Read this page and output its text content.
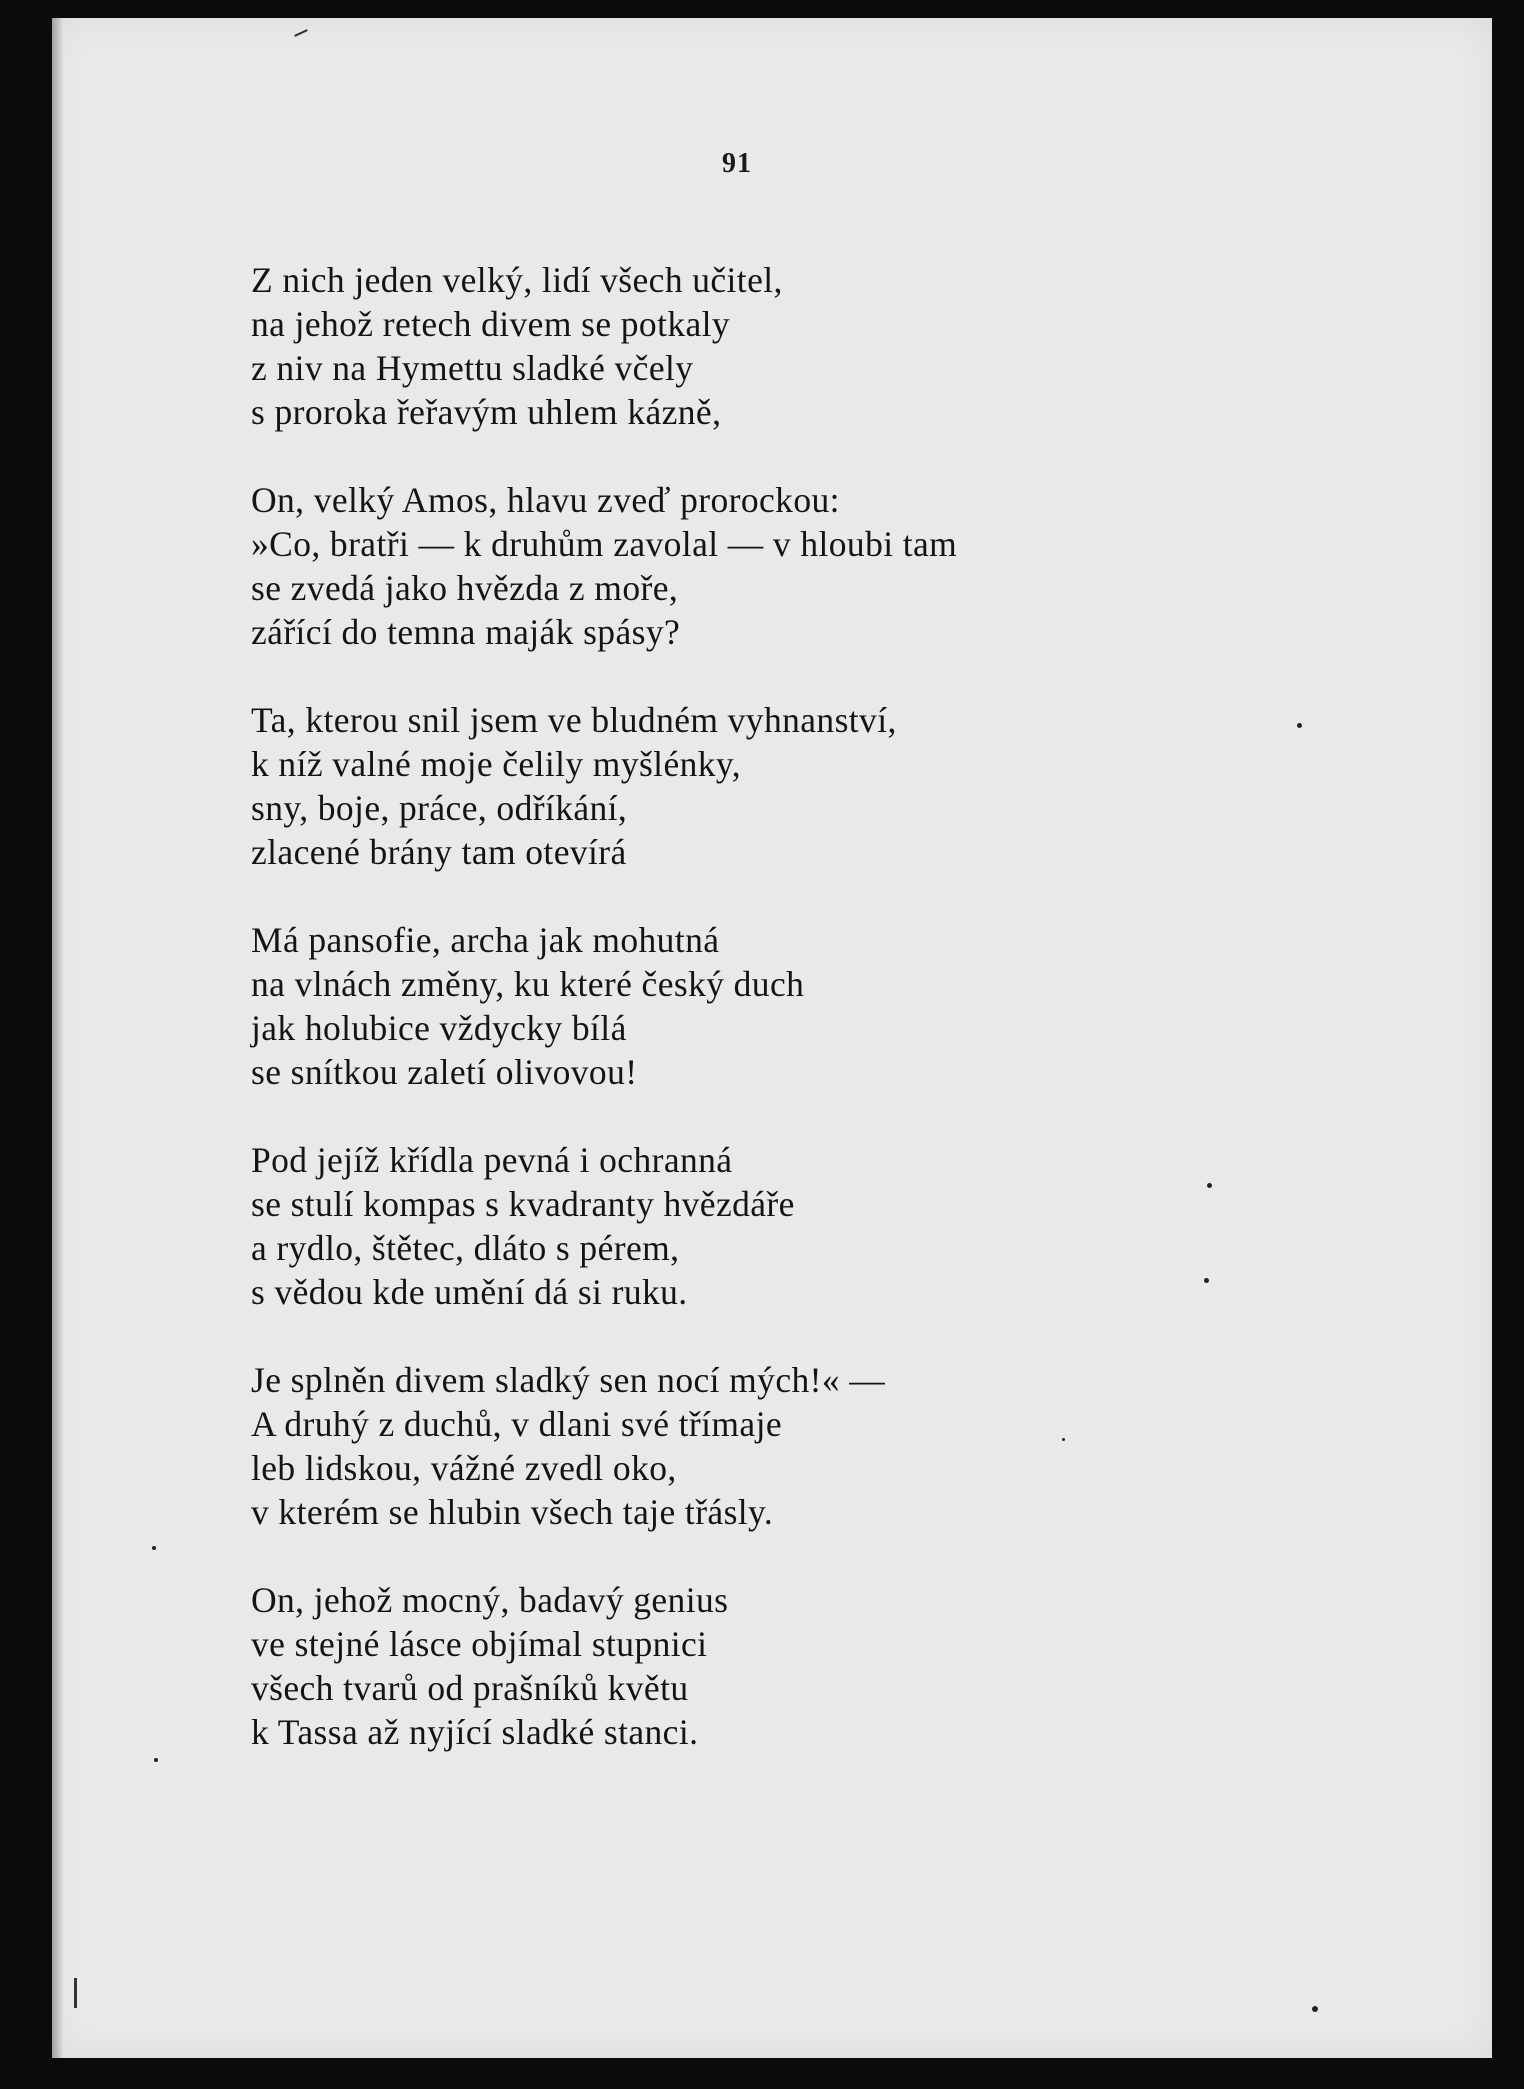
91
Z nich jeden velký, lidí všech učitel,
na jehož retech divem se potkaly
z niv na Hymettu sladké včely
s proroka řeřavým uhlem kázně,
On, velký Amos, hlavu zveď prorockou:
»Co, bratři — k druhům zavolal — v hloubi tam
se zvedá jako hvězda z moře,
zářící do temna maják spásy?
Ta, kterou snil jsem ve bludném vyhnanství,
k níž valné moje čelily myšlénky,
sny, boje, práce, odříkání,
zlacené brány tam otevírá
Má pansofie, archa jak mohutná
na vlnách změny, ku které český duch
jak holubice vždycky bílá
se snítkou zaletí olivovou!
Pod jejíž křídla pevná i ochranná
se stulí kompas s kvadranty hvězdáře
a rydlo, štětec, dláto s pérem,
s vědou kde umění dá si ruku.
Je splněn divem sladký sen nocí mých!« —
A druhý z duchů, v dlani své třímaje
leb lidskou, vážné zvedl oko,
v kterém se hlubin všech taje třásly.
On, jehož mocný, badavý genius
ve stejné lásce objímal stupnici
všech tvarů od prašníků květu
k Tassa až nyjící sladké stanci.
